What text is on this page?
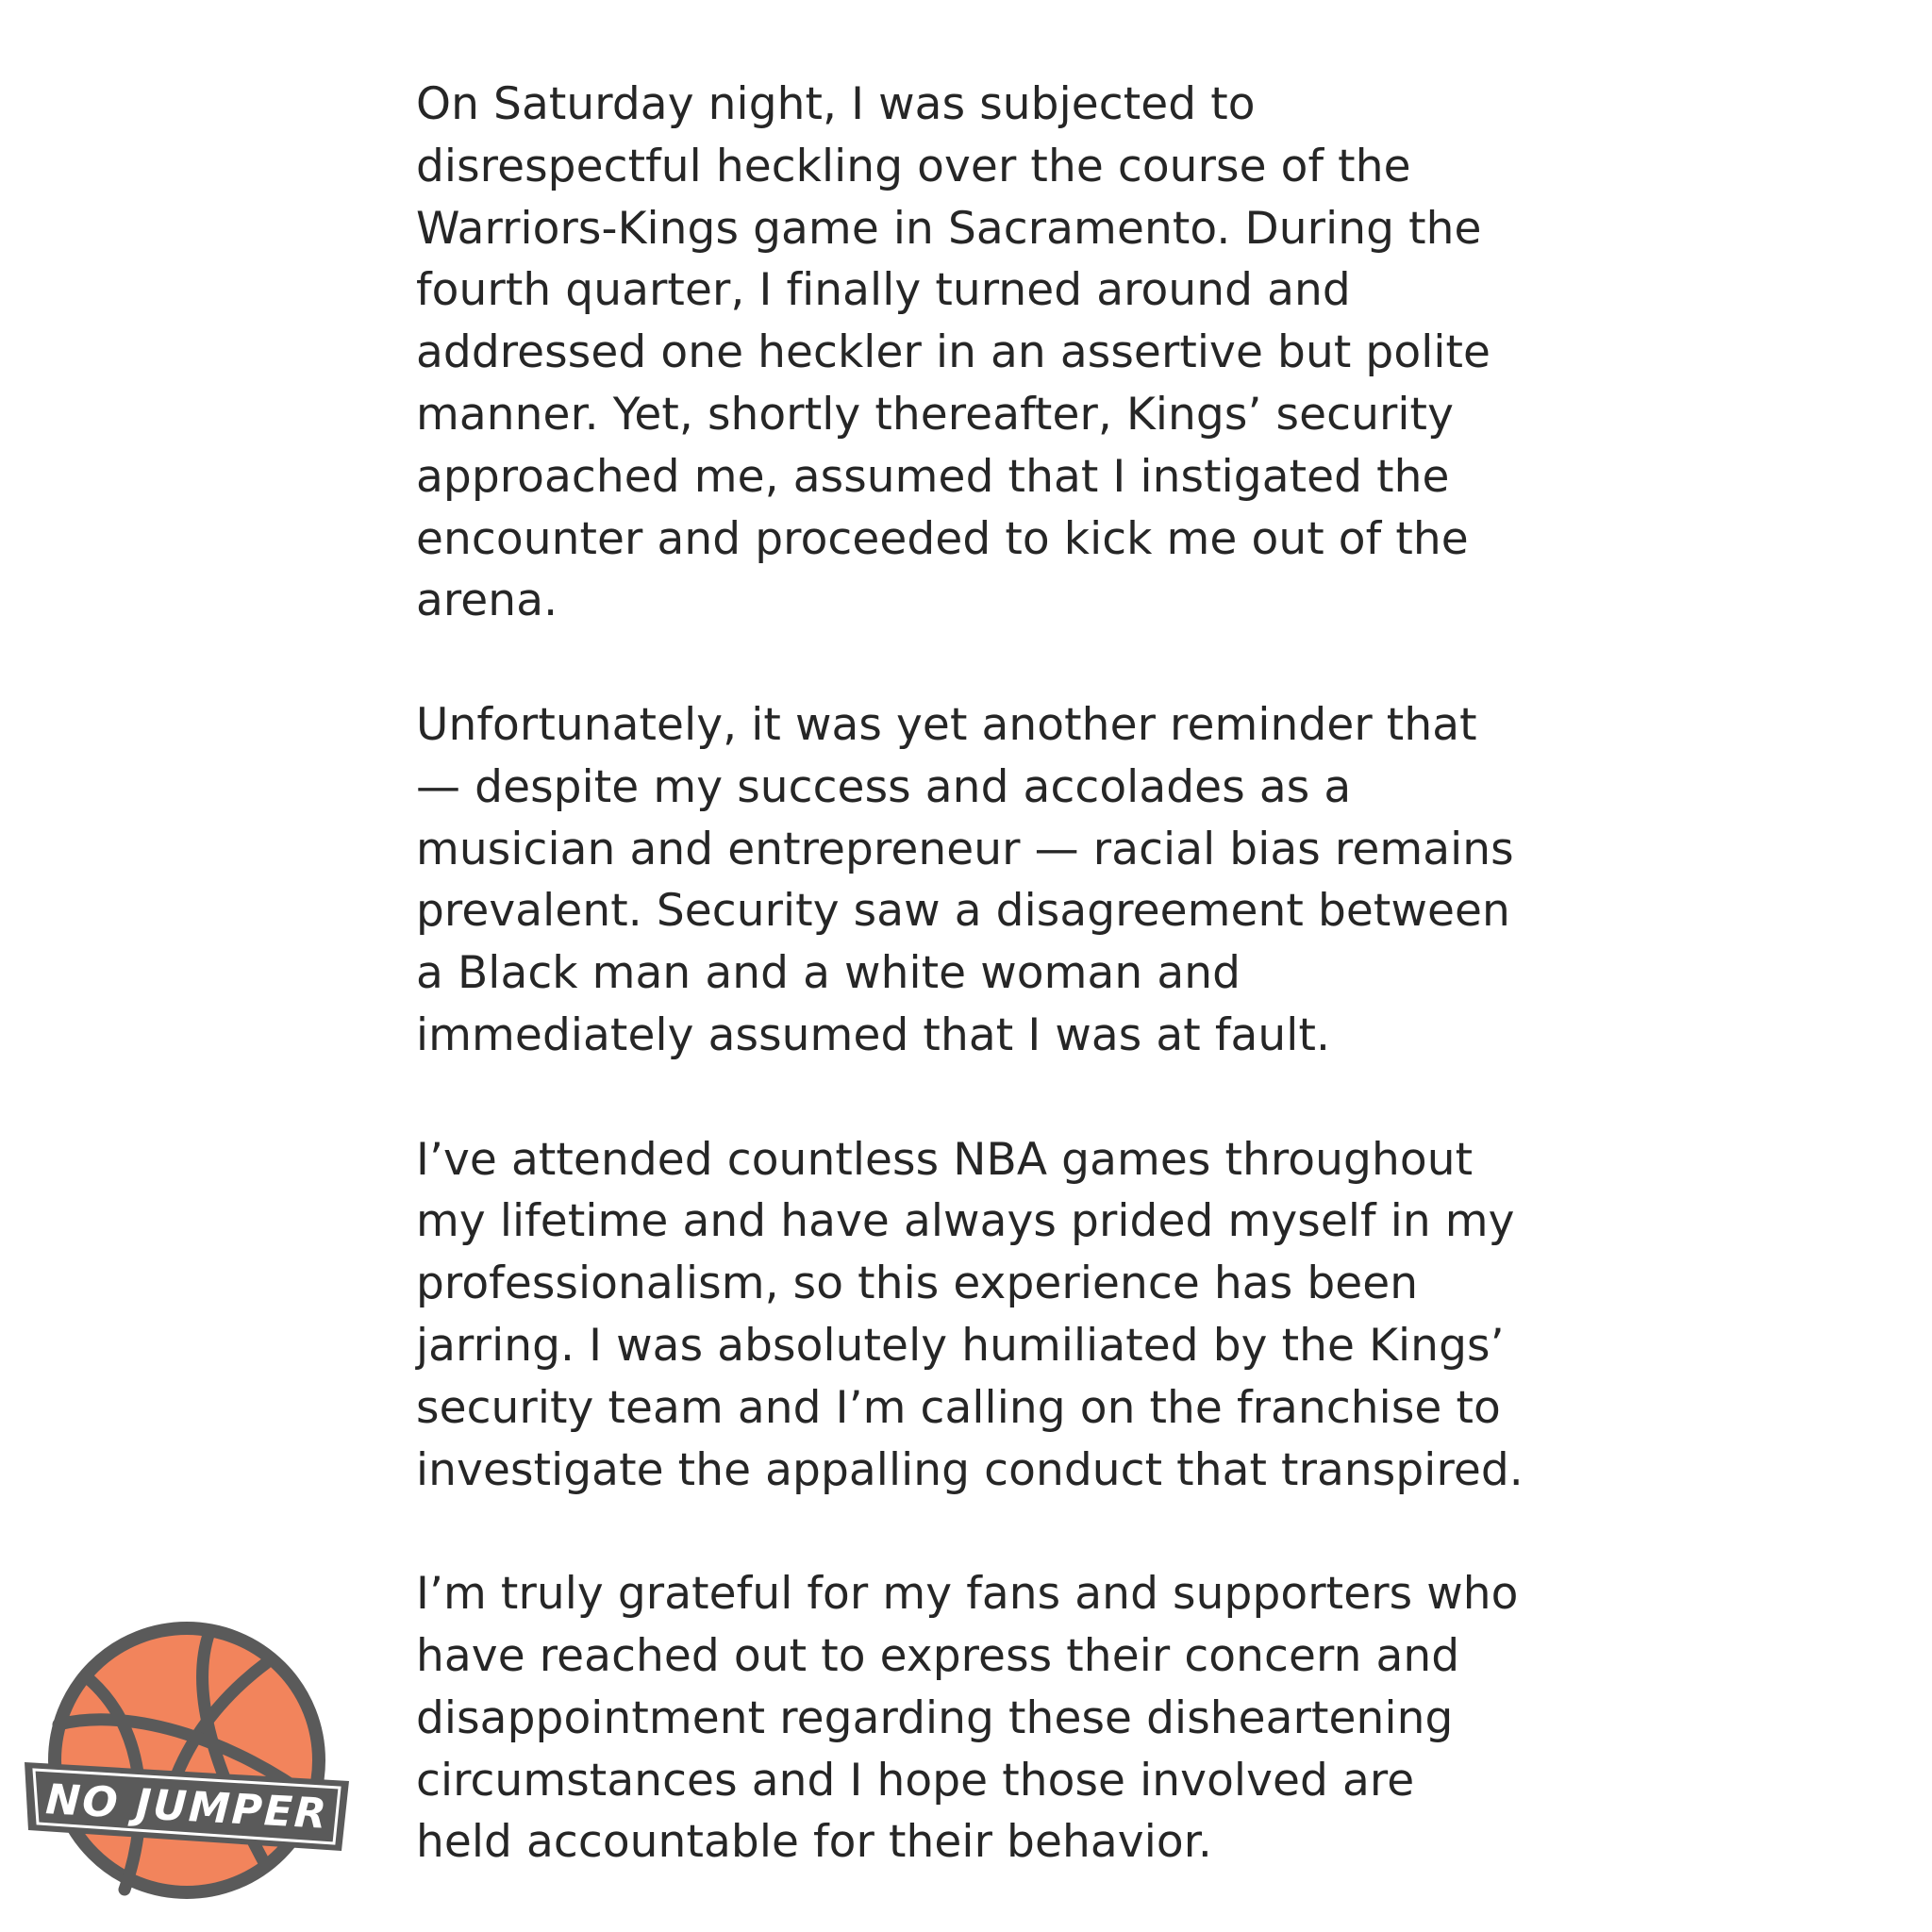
On Saturday night, I was subjected to
disrespectful heckling over the course of the
Warriors-Kings game in Sacramento. During the
fourth quarter, I finally turned around and
addressed one heckler in an assertive but polite
manner. Yet, shortly thereafter, Kings’ security
approached me, assumed that I instigated the
encounter and proceeded to kick me out of the
arena.
Unfortunately, it was yet another reminder that
— despite my success and accolades as a
musician and entrepreneur — racial bias remains
prevalent. Security saw a disagreement between
a Black man and a white woman and
immediately assumed that I was at fault.
I’ve attended countless NBA games throughout
my lifetime and have always prided myself in my
professionalism, so this experience has been
jarring. I was absolutely humiliated by the Kings’
security team and I’m calling on the franchise to
investigate the appalling conduct that transpired.
I’m truly grateful for my fans and supporters who
have reached out to express their concern and
disappointment regarding these disheartening
circumstances and I hope those involved are
held accountable for their behavior.
NO JUMPER
